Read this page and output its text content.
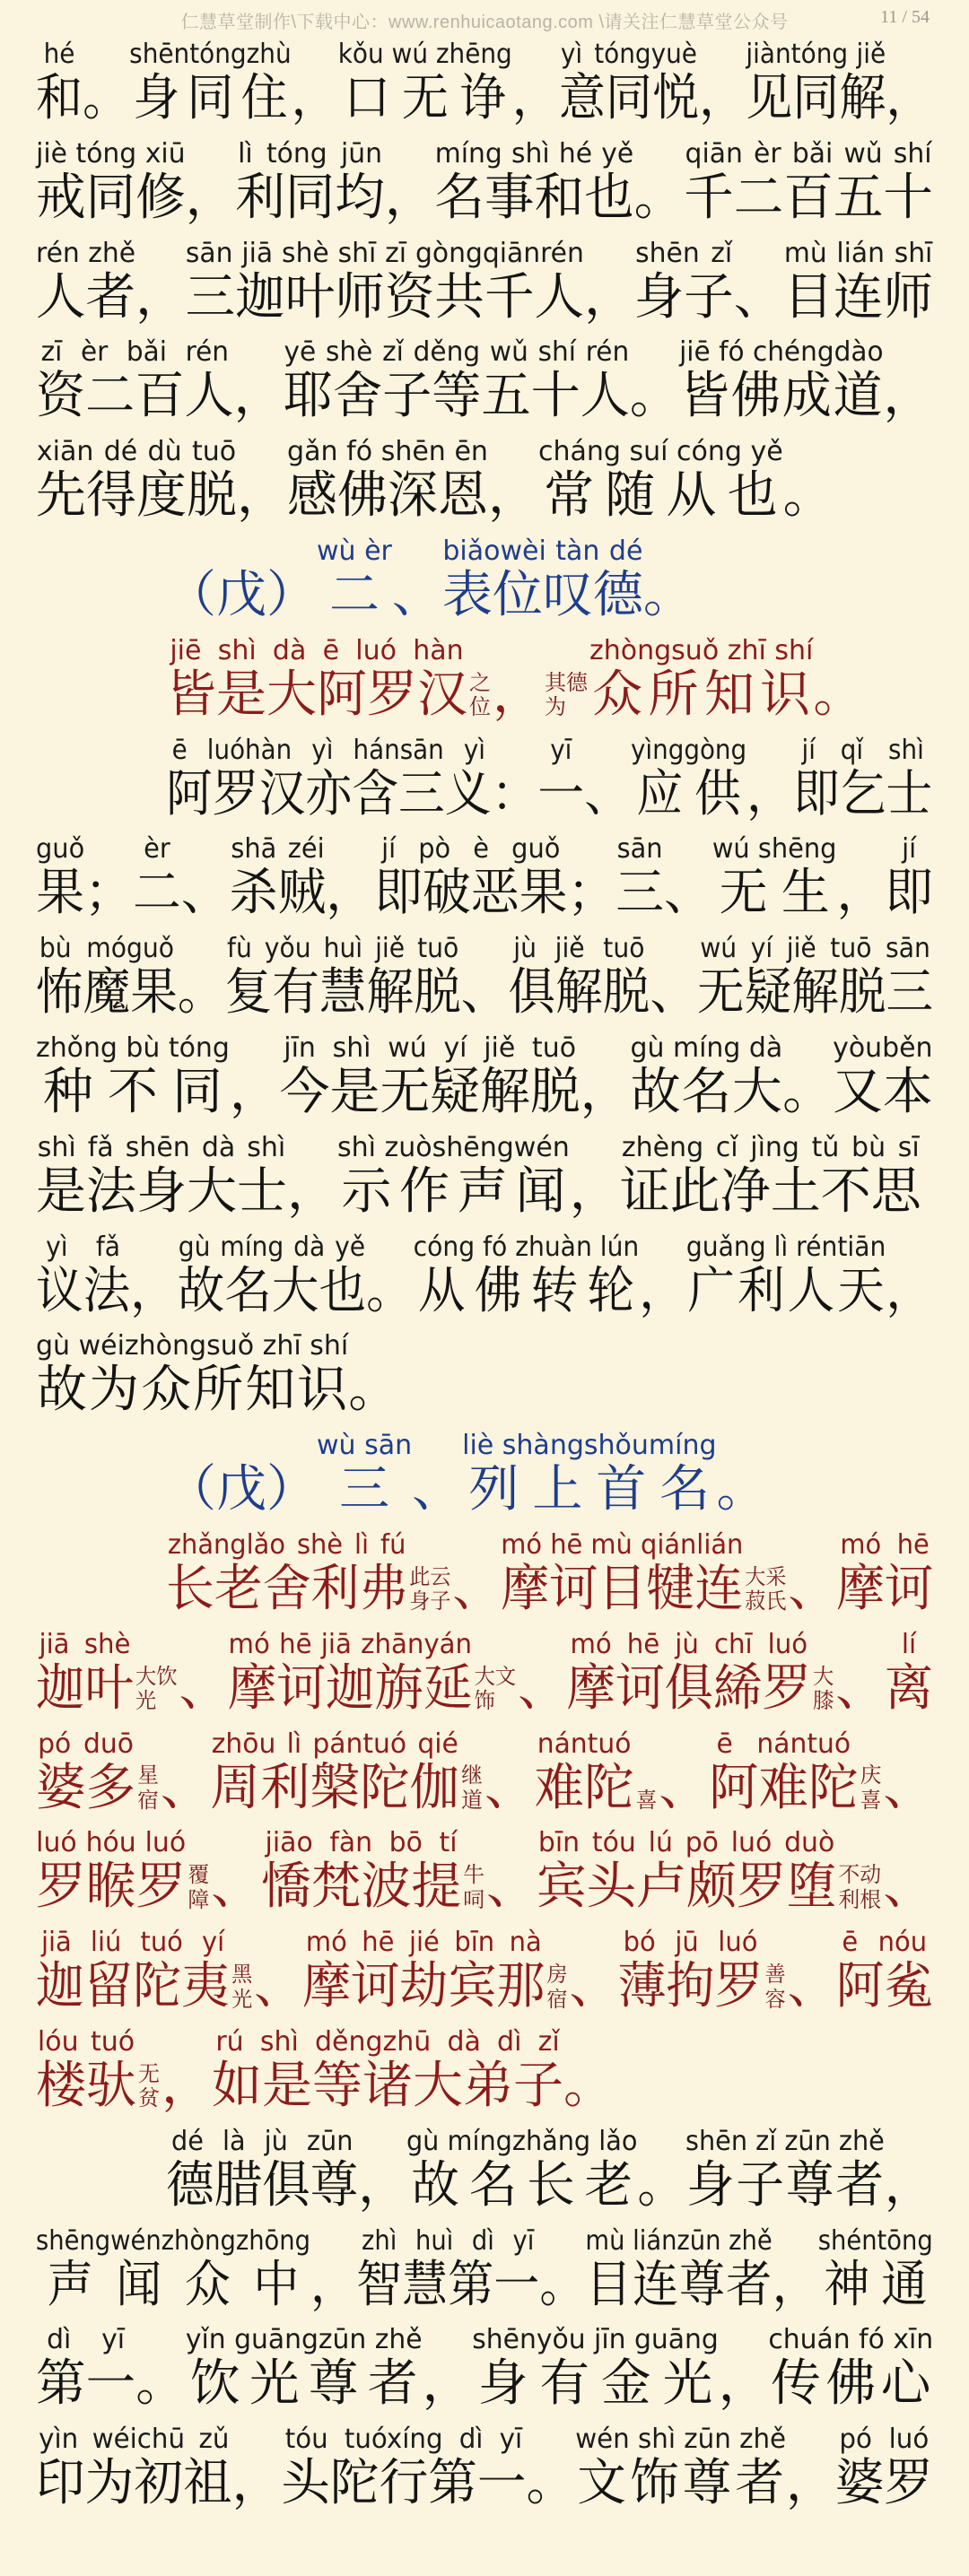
仁慧草堂制作\下载中心：www.renhuicaotang.com \请关注仁慧草堂公众号	11 / 54
和hé
。 身同住shēntóngzhù
， 口无诤kǒu wú zhēng
， 意同悦yì tóngyuè
， 见同解jiàntóng jiě
，
戒同修jiè tóng xiū
， 利同均lì tóng jūn
， 名事和也míng shì hé yě
。 千二百五十qiān èr bǎi wǔ shí
人者rén zhě
， 三迦叶师资共千人sān jiā shè shī zī gòngqiānrén
， 身子shēn zǐ
、 目连师mù lián shī
资二百人zī èr bǎi rén
， 耶舍子等五十人yē shè zǐ děng wǔ shí rén
。 皆佛成道jiē fó chéngdào
，
先得度脱xiān dé dù tuō
， 感佛深恩gǎn fó shēn ēn
， 常随从也cháng suí cóng yě
。
（戊） 二wù èr
、 表位叹德biǎowèi tàn dé
。
皆是大阿罗汉jiē shì dà ē luó hàn
之
位 ， 其德
为 众所知识zhòngsuǒ zhī shí
。
阿罗汉亦含三义ē luóhàn yì hánsān yì
： 一yī
、 应供yìnggòng
， 即乞士jí qǐ shì
果guǒ
； 二èr
、 杀贼shā zéi
， 即破恶果jí pò è guǒ
； 三sān
、 无生wú shēng
， 即jí
怖魔果bù móguǒ
。 复有慧解脱fù yǒu huì jiě tuō
、 俱解脱jù jiě tuō
、 无疑解脱三wú yí jiě tuō sān
种不同zhǒng bù tóng
， 今是无疑解脱jīn shì wú yí jiě tuō
， 故名大gù míng dà
。 又本yòuběn
是法身大士shì fǎ shēn dà shì
， 示作声闻shì zuòshēngwén
， 证此净土不思zhèng cǐ jìng tǔ bù sī
议法yì fǎ
， 故名大也gù míng dà yě
。 从佛转轮cóng fó zhuàn lún
， 广利人天guǎng lì réntiān
，
故为众所知识gù wéizhòngsuǒ zhī shí
。
（戊） 三wù sān
、 列上首名liè shàngshǒumíng
。
长老舍利弗zhǎnglǎo shè lì fú
此云
身子 、 摩诃目犍连mó hē mù qiánlián
大采
菽氏 、 摩诃mó hē
迦叶jiā shè
大饮
光 、 摩诃迦旃延mó hē jiā zhānyán
大文
饰 、 摩诃俱絺罗mó hē jù chī luó
大
膝 、 离lí
婆多pó duō
星
宿 、 周利槃陀伽zhōu lì pántuó qié
继
道 、 难陀nántuó
喜 、 阿难陀ē nántuó
庆
喜 、
罗睺罗luó hóu luó
覆
障 、 憍梵波提jiāo fàn bō tí
牛
呞 、 宾头卢颇罗堕bīn tóu lú pō luó duò
不动
利根 、
迦留陀夷jiā liú tuó yí
黑
光 、 摩诃劫宾那mó hē jié bīn nà
房
宿 、 薄拘罗bó jū luó
善
容 、 阿㝹ē nóu
楼驮lóu tuó
无
贫 ， 如是等诸大弟子rú shì děngzhū dà dì zǐ
。
德腊俱尊dé là jù zūn
， 故名长老gù míngzhǎng lǎo
。 身子尊者shēn zǐ zūn zhě
，
声闻众中shēngwénzhòngzhōng
， 智慧第一zhì huì dì yī
。 目连尊者mù liánzūn zhě
， 神通shéntōng
第一dì yī
。 饮光尊者yǐn guāngzūn zhě
， 身有金光shēnyǒu jīn guāng
， 传佛心chuán fó xīn
印为初祖yìn wéichū zǔ
， 头陀行第一tóu tuóxíng dì yī
。 文饰尊者wén shì zūn zhě
， 婆罗pó luó
